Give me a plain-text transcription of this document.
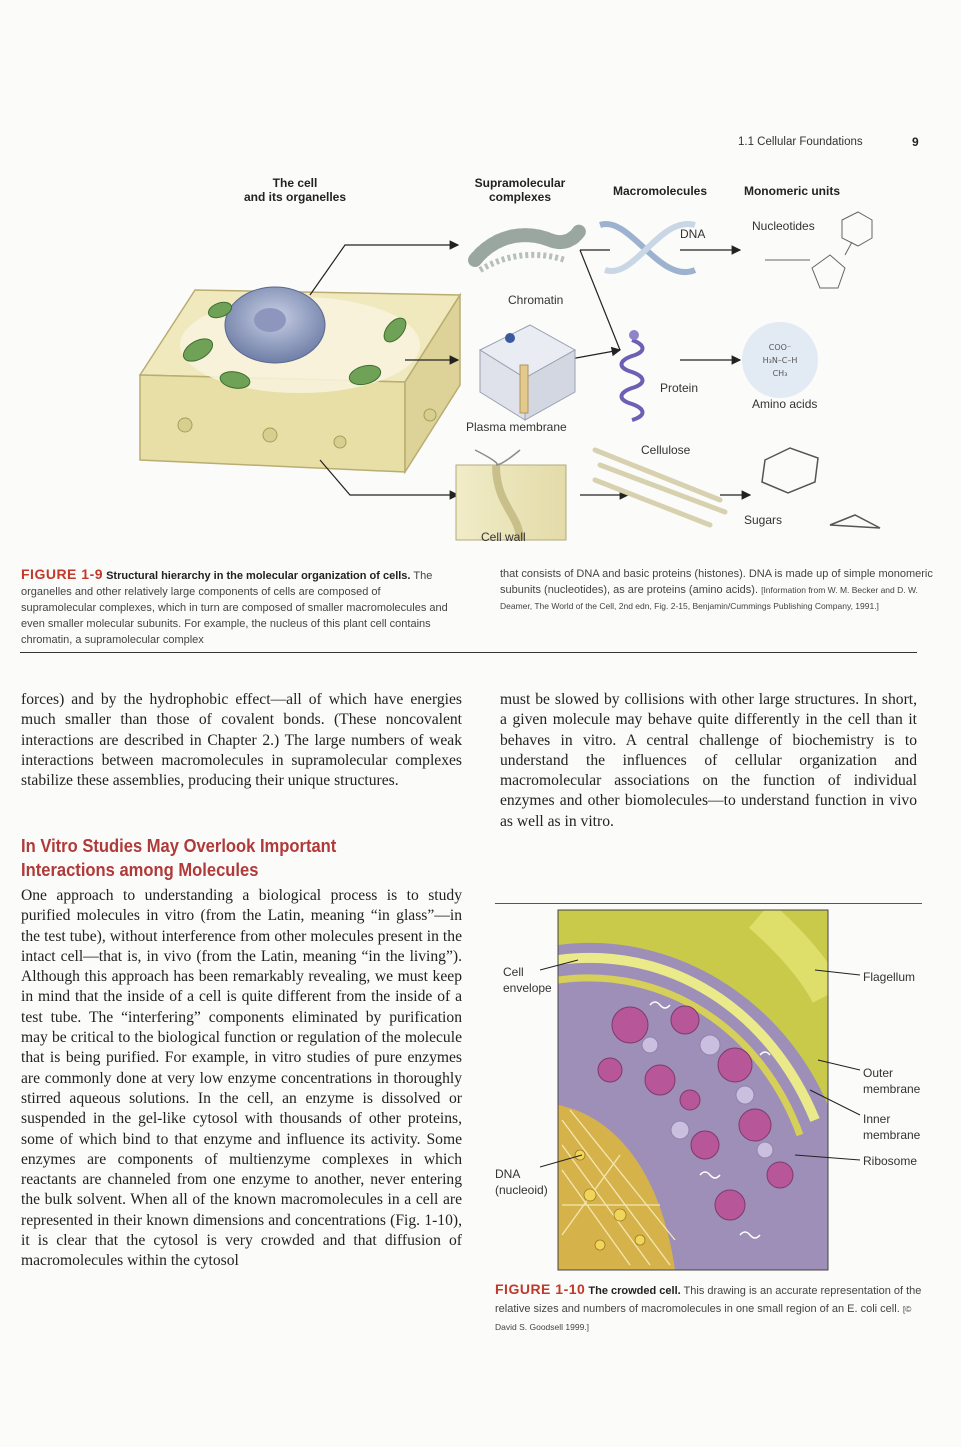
1.1 Cellular Foundations	9
COO⁻
H₃N–C–H
CH₃
The cell
and its organelles
Supramolecular
complexes	Macromolecules	Monomeric units
Chromatin
Plasma membrane
Cell wall
DNA
Protein
Cellulose
Nucleotides
Amino acids
Sugars
FIGURE 1-9 Structural hierarchy in the molecular organization of cells. The organelles and other relatively large components of cells are composed of supramolecular complexes, which in turn are composed of smaller macromolecules and even smaller molecular subunits. For example, the nucleus of this plant cell contains chromatin, a supramolecular complex
that consists of DNA and basic proteins (histones). DNA is made up of simple monomeric subunits (nucleotides), as are proteins (amino acids). [Information from W. M. Becker and D. W. Deamer, The World of the Cell, 2nd edn, Fig. 2-15, Benjamin/Cummings Publishing Company, 1991.]
forces) and by the hydrophobic effect—all of which have energies much smaller than those of covalent bonds. (These noncovalent interactions are described in Chapter 2.) The large numbers of weak interactions between macromolecules in supramolecular complexes stabilize these assemblies, producing their unique structures.
In Vitro Studies May Overlook Important Interactions among Molecules
One approach to understanding a biological process is to study purified molecules in vitro (from the Latin, meaning “in glass”—in the test tube), without interference from other molecules present in the intact cell—that is, in vivo (from the Latin, meaning “in the living”). Although this approach has been remarkably revealing, we must keep in mind that the inside of a cell is quite different from the inside of a test tube. The “interfering” components eliminated by purification may be critical to the biological function or regulation of the molecule that is being purified. For example, in vitro studies of pure enzymes are commonly done at very low enzyme concentrations in thoroughly stirred aqueous solutions. In the cell, an enzyme is dissolved or suspended in the gel-like cytosol with thousands of other proteins, some of which bind to that enzyme and influence its activity. Some enzymes are components of multienzyme complexes in which reactants are channeled from one enzyme to another, never entering the bulk solvent. When all of the known macromolecules in a cell are represented in their known dimensions and concentrations (Fig. 1-10), it is clear that the cytosol is very crowded and that diffusion of macromolecules within the cytosol
must be slowed by collisions with other large structures. In short, a given molecule may behave quite differently in the cell than it behaves in vitro. A central challenge of biochemistry is to understand the influences of cellular organization and macromolecular associations on the function of individual enzymes and other biomolecules—to understand function in vivo as well as in vitro.
Cell
envelope
DNA
(nucleoid)
Flagellum
Outer
membrane
Inner
membrane
Ribosome
FIGURE 1-10 The crowded cell. This drawing is an accurate representation of the relative sizes and numbers of macromolecules in one small region of an E. coli cell. [© David S. Goodsell 1999.]
